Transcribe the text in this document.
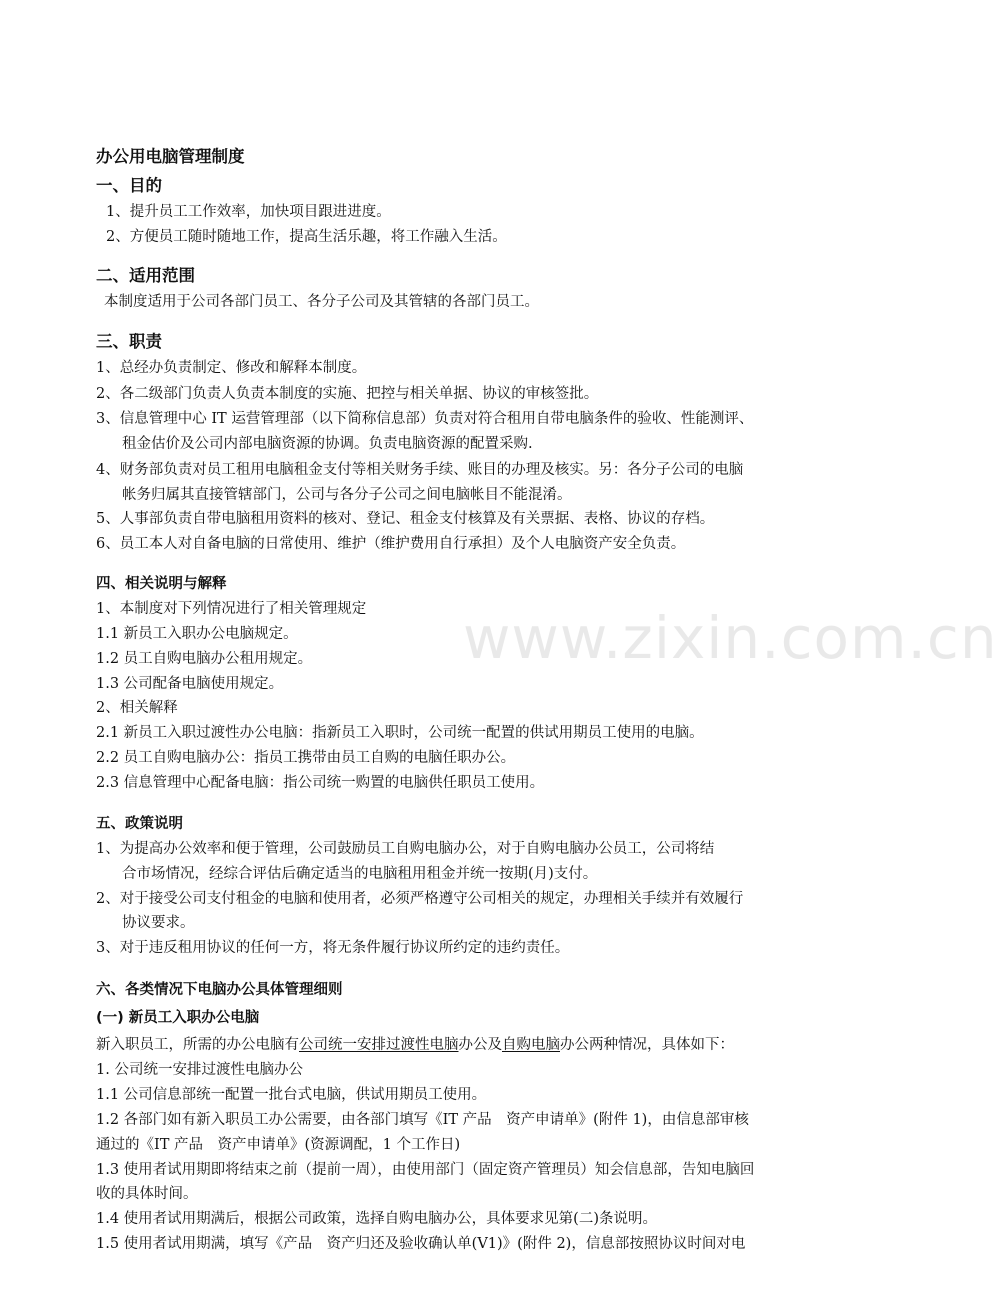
www.zixin.com.cn
办公用电脑管理制度
一、目的
1、提升员工工作效率，加快项目跟进进度。
2、方便员工随时随地工作，提高生活乐趣，将工作融入生活。
二、适用范围
本制度适用于公司各部门员工、各分子公司及其管辖的各部门员工。
三、职责
1、总经办负责制定、修改和解释本制度。
2、各二级部门负责人负责本制度的实施、把控与相关单据、协议的审核签批。
3、信息管理中心 IT 运营管理部（以下简称信息部）负责对符合租用自带电脑条件的验收、性能测评、
租金估价及公司内部电脑资源的协调。负责电脑资源的配置采购.
4、财务部负责对员工租用电脑租金支付等相关财务手续、账目的办理及核实。另：各分子公司的电脑
帐务归属其直接管辖部门，公司与各分子公司之间电脑帐目不能混淆。
5、人事部负责自带电脑租用资料的核对、登记、租金支付核算及有关票据、表格、协议的存档。
6、员工本人对自备电脑的日常使用、维护（维护费用自行承担）及个人电脑资产安全负责。
四、相关说明与解释
1、本制度对下列情况进行了相关管理规定
1.1 新员工入职办公电脑规定。
1.2 员工自购电脑办公租用规定。
1.3 公司配备电脑使用规定。
2、相关解释
2.1 新员工入职过渡性办公电脑：指新员工入职时，公司统一配置的供试用期员工使用的电脑。
2.2 员工自购电脑办公：指员工携带由员工自购的电脑任职办公。
2.3 信息管理中心配备电脑：指公司统一购置的电脑供任职员工使用。
五、政策说明
1、为提高办公效率和便于管理，公司鼓励员工自购电脑办公，对于自购电脑办公员工，公司将结
合市场情况，经综合评估后确定适当的电脑租用租金并统一按期(月)支付。
2、对于接受公司支付租金的电脑和使用者，必须严格遵守公司相关的规定，办理相关手续并有效履行
协议要求。
3、对于违反租用协议的任何一方，将无条件履行协议所约定的违约责任。
六、各类情况下电脑办公具体管理细则
(一) 新员工入职办公电脑
新入职员工，所需的办公电脑有公司统一安排过渡性电脑办公及自购电脑办公两种情况，具体如下：
1. 公司统一安排过渡性电脑办公
1.1 公司信息部统一配置一批台式电脑，供试用期员工使用。
1.2 各部门如有新入职员工办公需要，由各部门填写《IT 产品　资产申请单》(附件 1)，由信息部审核
通过的《IT 产品　资产申请单》(资源调配，1 个工作日)
1.3 使用者试用期即将结束之前（提前一周），由使用部门（固定资产管理员）知会信息部，告知电脑回
收的具体时间。
1.4 使用者试用期满后，根据公司政策，选择自购电脑办公，具体要求见第(二)条说明。
1.5 使用者试用期满，填写《产品　资产归还及验收确认单(V1)》(附件 2)，信息部按照协议时间对电
